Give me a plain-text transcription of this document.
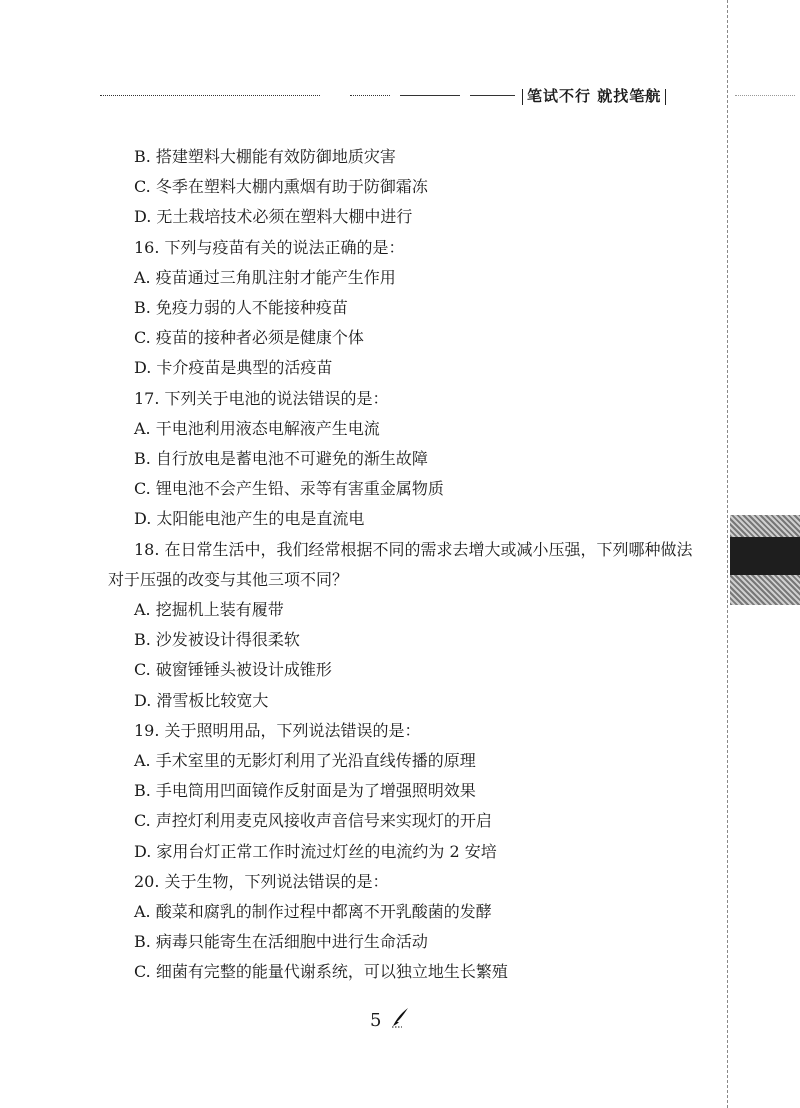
笔试不行 就找笔航
B. 搭建塑料大棚能有效防御地质灾害
C. 冬季在塑料大棚内熏烟有助于防御霜冻
D. 无土栽培技术必须在塑料大棚中进行
16. 下列与疫苗有关的说法正确的是：
A. 疫苗通过三角肌注射才能产生作用
B. 免疫力弱的人不能接种疫苗
C. 疫苗的接种者必须是健康个体
D. 卡介疫苗是典型的活疫苗
17. 下列关于电池的说法错误的是：
A. 干电池利用液态电解液产生电流
B. 自行放电是蓄电池不可避免的渐生故障
C. 锂电池不会产生铅、汞等有害重金属物质
D. 太阳能电池产生的电是直流电
18. 在日常生活中，我们经常根据不同的需求去增大或减小压强，下列哪种做法
对于压强的改变与其他三项不同？
A. 挖掘机上装有履带
B. 沙发被设计得很柔软
C. 破窗锤锤头被设计成锥形
D. 滑雪板比较宽大
19. 关于照明用品，下列说法错误的是：
A. 手术室里的无影灯利用了光沿直线传播的原理
B. 手电筒用凹面镜作反射面是为了增强照明效果
C. 声控灯利用麦克风接收声音信号来实现灯的开启
D. 家用台灯正常工作时流过灯丝的电流约为 2 安培
20. 关于生物，下列说法错误的是：
A. 酸菜和腐乳的制作过程中都离不开乳酸菌的发酵
B. 病毒只能寄生在活细胞中进行生命活动
C. 细菌有完整的能量代谢系统，可以独立地生长繁殖
5
